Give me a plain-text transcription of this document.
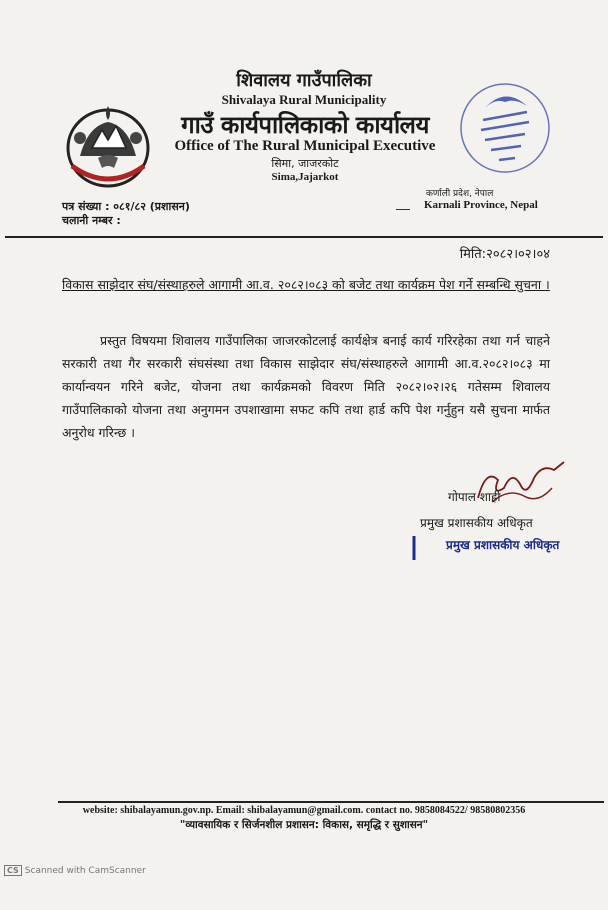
शिवालय गाउँपालिका
Shivalaya Rural Municipality
गाउँ कार्यपालिकाको कार्यालय
Office of The Rural Municipal Executive
सिमा, जाजरकोट
Sima,Jajarkot
पत्र संख्या : ०८१/८२ (प्रशासन)
चलानी नम्बर :
कर्णाली प्रदेश, नेपाल
Karnali Province, Nepal
मिति:२०८२।०२।०४
विकास साझेदार संघ/संस्थाहरुले आगामी आ.व. २०८२।०८३ को बजेट तथा कार्यक्रम पेश गर्ने सम्बन्धि सुचना ।
प्रस्तुत विषयमा शिवालय गाउँपालिका जाजरकोटलाई कार्यक्षेत्र बनाई कार्य गरिरहेका तथा गर्न चाहने सरकारी तथा गैर सरकारी संघसंस्था तथा विकास साझेदार संघ/संस्थाहरुले आगामी आ.व.२०८२।०८३ मा कार्यान्वयन गरिने बजेट, योजना तथा कार्यक्रमको विवरण मिति २०८२।०२।२६ गतेसम्म शिवालय गाउँपालिकाको योजना तथा अनुगमन उपशाखामा सफट कपि तथा हार्ड कपि पेश गर्नुहुन यसै सुचना मार्फत अनुरोध गरिन्छ ।
गोपाल शाही
प्रमुख प्रशासकीय अधिकृत
प्रमुख प्रशासकीय अधिकृत
website: shibalayamun.gov.np. Email: shibalayamun@gmail.com. contact no. 9858084522/ 98580802356
"व्यावसायिक र सिर्जनशील प्रशासन: विकास, समृद्धि र सुशासन"
CS Scanned with CamScanner
